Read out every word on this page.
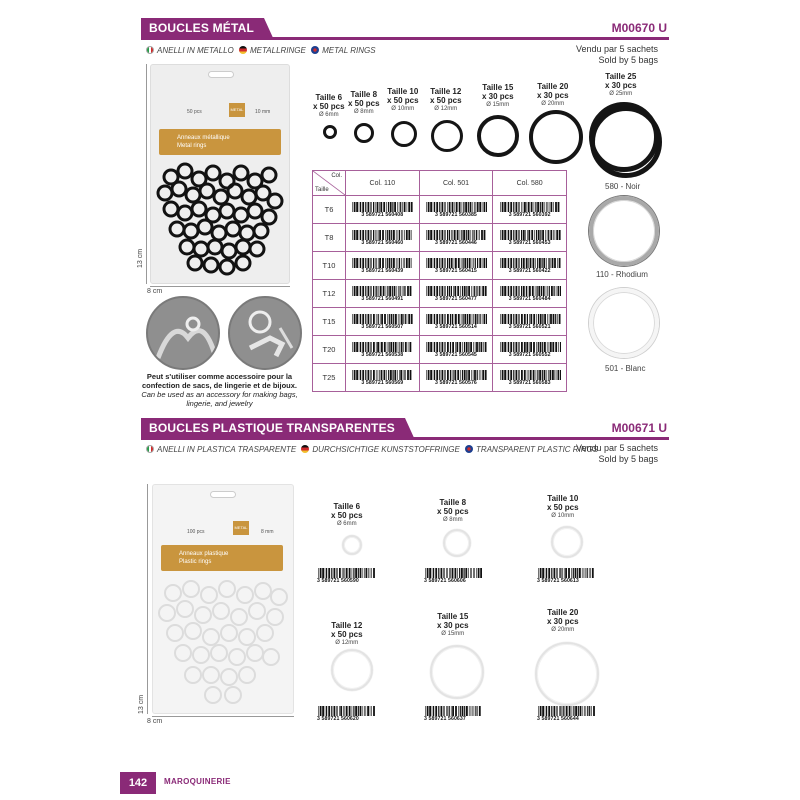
BOUCLES MÉTAL	M00670 U
ANELLI IN METALLO METALLRINGE METAL RINGS	Vendu par 5 sachets
Sold by 5 bags
50 pcs	METAL 10 mm
Anneaux métallique
Metal rings
13 cm
8 cm
Peut s'utiliser comme accessoire pour la confection de sacs, de lingerie et de bijoux.
Can be used as an accessory for making bags, lingerie, and jewelry
Taille 6
x 50 pcs
Ø 6mm
Taille 8
x 50 pcs
Ø 8mm
Taille 10
x 50 pcs
Ø 10mm
Taille 12
x 50 pcs
Ø 12mm
Taille 15
x 30 pcs
Ø 15mm
Taille 20
x 30 pcs
Ø 20mm
Taille 25
x 30 pcs
Ø 25mm
Col.
Taille	Col. 110	Col. 501	Col. 580
T6	3 589721 560408	3 589721 560385	3 589721 560392

T8	3 589721 560460	3 589721 560446	3 589721 560453

T10	3 589721 560439	3 589721 560415	3 589721 560422

T12	3 589721 560491	3 589721 560477	3 589721 560484

T15	3 589721 560507	3 589721 560514	3 589721 560521

T20	3 589721 560538	3 589721 560545	3 589721 560552

T25	3 589721 560569	3 589721 560576	3 589721 560583
580 - Noir
110 - Rhodium
501 - Blanc
BOUCLES PLASTIQUE TRANSPARENTES	M00671 U
ANELLI IN PLASTICA TRASPARENTE DURCHSICHTIGE KUNSTSTOFFRINGE TRANSPARENT PLASTIC RINGS
Vendu par 5 sachets
Sold by 5 bags
100 pcs
METAL
8 mm
Anneaux plastique
Plastic rings
13 cm
8 cm
Taille 6
x 50 pcs
Ø 6mm
3 589721 560590
Taille 8
x 50 pcs
Ø 8mm
3 589721 560606
Taille 10
x 50 pcs
Ø 10mm
3 589721 560613
Taille 12
x 50 pcs
Ø 12mm
3 589721 560620
Taille 15
x 30 pcs
Ø 15mm
3 589721 560637
Taille 20
x 30 pcs
Ø 20mm
3 589721 560644
142	MAROQUINERIE
